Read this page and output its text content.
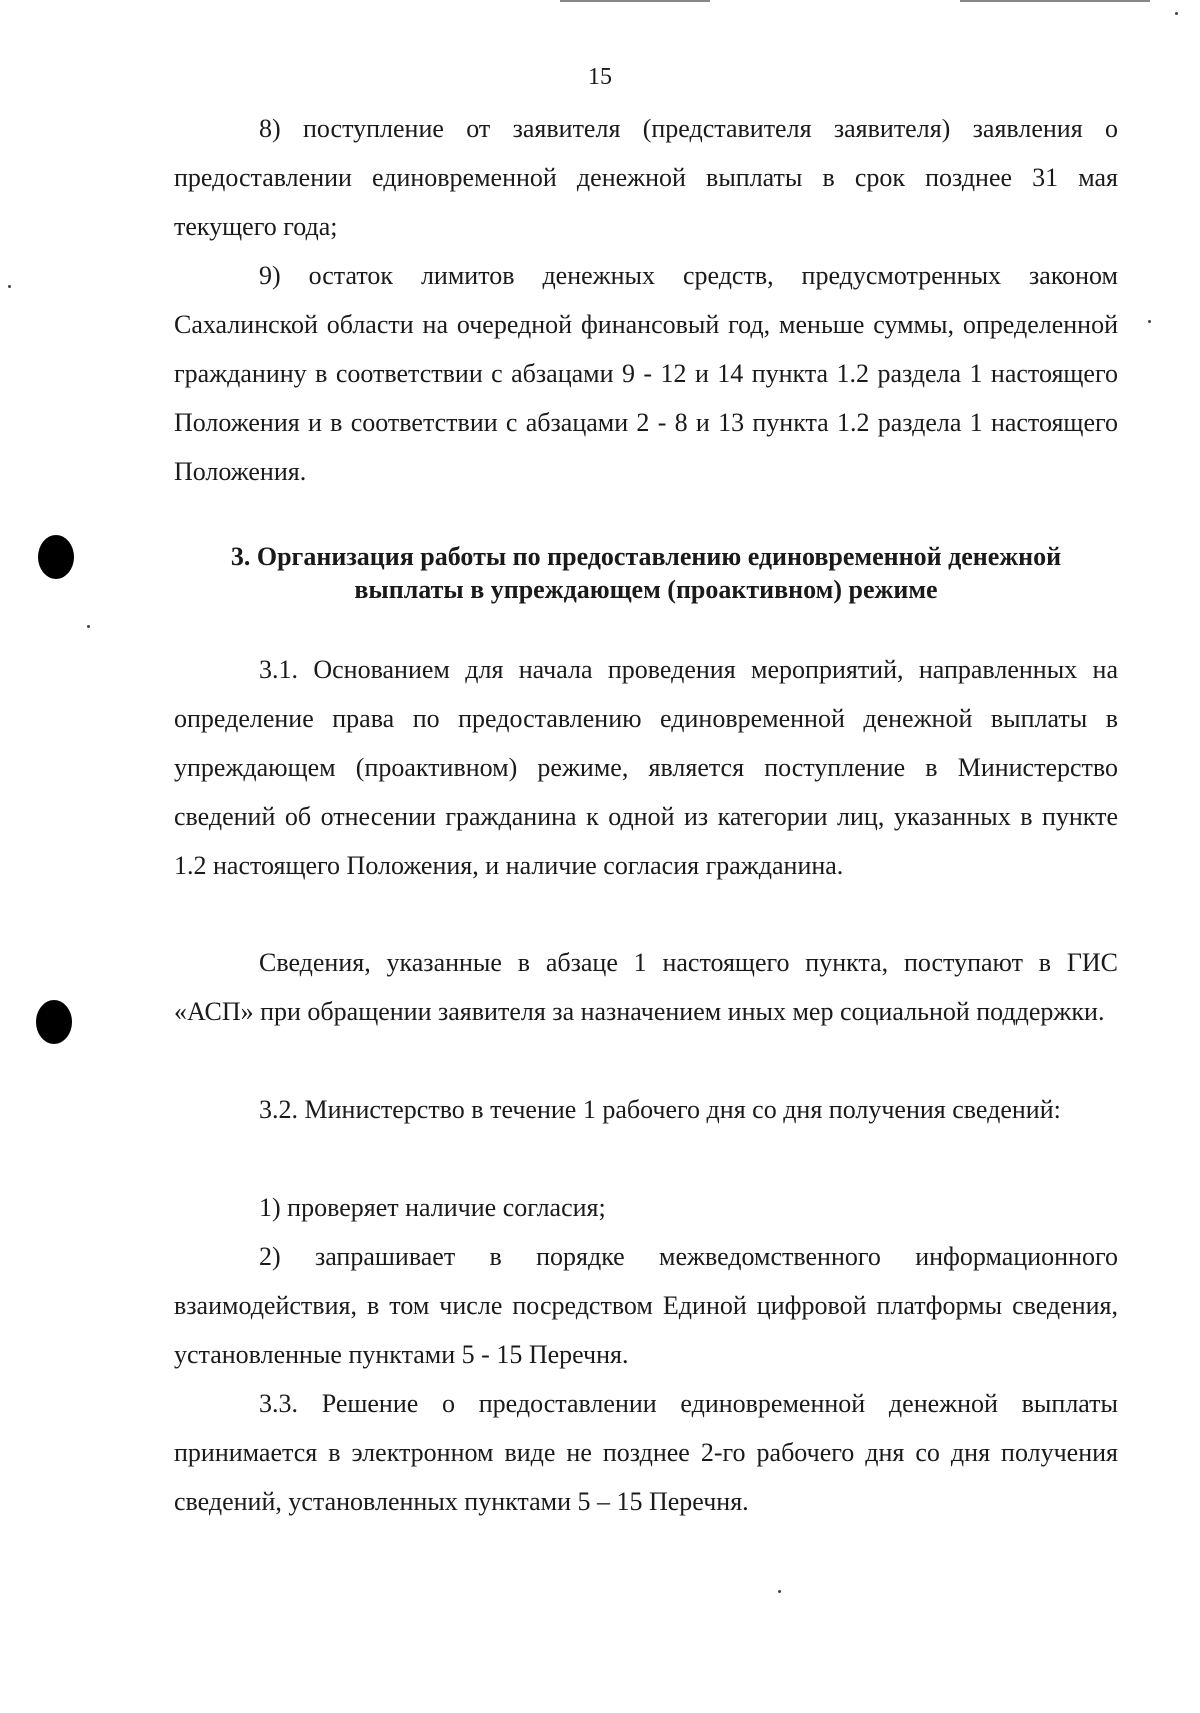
15

8) поступление от заявителя (представителя заявителя) заявления о предоставлении единовременной денежной выплаты в срок позднее 31 мая текущего года;

9) остаток лимитов денежных средств, предусмотренных законом Сахалинской области на очередной финансовый год, меньше суммы, определенной гражданину в соответствии с абзацами 9 - 12 и 14 пункта 1.2 раздела 1 настоящего Положения и в соответствии с абзацами 2 - 8 и 13 пункта 1.2 раздела 1 настоящего Положения.

3. Организация работы по предоставлению единовременной денежной

выплаты в упреждающем (проактивном) режиме

3.1. Основанием для начала проведения мероприятий, направленных на определение права по предоставлению единовременной денежной выплаты в упреждающем (проактивном) режиме, является поступление в Министерство сведений об отнесении гражданина к одной из категории лиц, указанных в пункте 1.2 настоящего Положения, и наличие согласия гражданина.

Сведения, указанные в абзаце 1 настоящего пункта, поступают в ГИС «АСП» при обращении заявителя за назначением иных мер социальной поддержки.

3.2. Министерство в течение 1 рабочего дня со дня получения сведений:

1) проверяет наличие согласия;

2) запрашивает в порядке межведомственного информационного взаимодействия, в том числе посредством Единой цифровой платформы сведения, установленные пунктами 5 - 15 Перечня.

3.3. Решение о предоставлении единовременной денежной выплаты принимается в электронном виде не позднее 2-го рабочего дня со дня получения сведений, установленных пунктами 5 – 15 Перечня.
